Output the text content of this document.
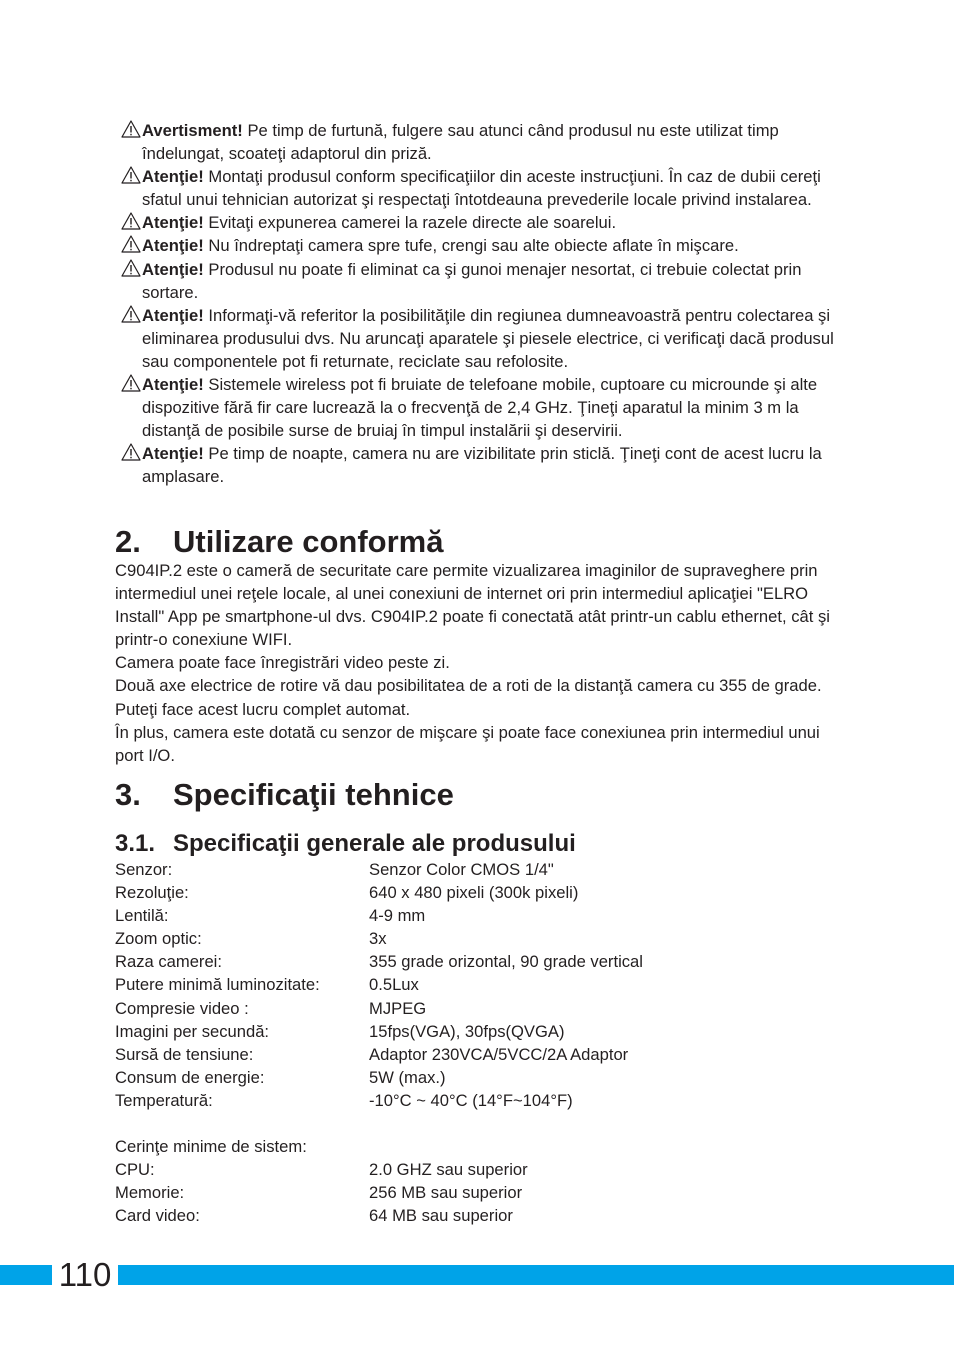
Avertisment! Pe timp de furtună, fulgere sau atunci când produsul nu este utilizat timp îndelungat, scoateţi adaptorul din priză.
Atenţie! Montaţi produsul conform specificaţiilor din aceste instrucţiuni. În caz de dubii cereţi sfatul unui tehnician autorizat şi respectaţi întotdeauna prevederile locale privind instalarea.
Atenţie! Evitaţi expunerea camerei la razele directe ale soarelui.
Atenţie! Nu îndreptaţi camera spre tufe, crengi sau alte obiecte aflate în mişcare.
Atenţie! Produsul nu poate fi eliminat ca şi gunoi menajer nesortat, ci trebuie colectat prin sortare.
Atenţie! Informaţi-vă referitor la posibilităţile din regiunea dumneavoastră pentru colectarea şi eliminarea produsului dvs. Nu aruncaţi aparatele şi piesele electrice, ci verificaţi dacă produsul sau componentele pot fi returnate, reciclate sau refolosite.
Atenţie! Sistemele wireless pot fi bruiate de telefoane mobile, cuptoare cu microunde şi alte dispozitive fără fir care lucrează la o frecvenţă de 2,4 GHz. Ţineţi aparatul la minim 3 m la distanţă de posibile surse de bruiaj în timpul instalării şi deservirii.
Atenţie! Pe timp de noapte, camera nu are vizibilitate prin sticlă. Ţineţi cont de acest lucru la amplasare.
2. Utilizare conformă

C904IP.2 este o cameră de securitate care permite vizualizarea imaginilor de supraveghere prin intermediul unei reţele locale, al unei conexiuni de internet ori prin intermediul aplicaţiei "ELRO Install" App pe smartphone-ul dvs. C904IP.2 poate fi conectată atât printr-un cablu ethernet, cât şi printr-o conexiune WIFI.

Camera poate face înregistrări video peste zi.

Două axe electrice de rotire vă dau posibilitatea de a roti de la distanţă camera cu 355 de grade. Puteţi face acest lucru complet automat.

În plus, camera este dotată cu senzor de mişcare şi poate face conexiunea prin intermediul unui port I/O.

3. Specificaţii tehnice
3.1. Specificaţii generale ale produsului
Senzor:	Senzor Color CMOS 1/4"
Rezoluţie:	640 x 480 pixeli (300k pixeli)
Lentilă:	4-9 mm
Zoom optic:	3x
Raza camerei:	355 grade orizontal, 90 grade vertical
Putere minimă luminozitate:	0.5Lux
Compresie video :	MJPEG
Imagini per secundă:	15fps(VGA), 30fps(QVGA)
Sursă de tensiune:	Adaptor 230VCA/5VCC/2A Adaptor
Consum de energie:	5W (max.)
Temperatură:	-10°C ~ 40°C (14°F~104°F)
Cerinţe minime de sistem:
CPU:	2.0 GHZ sau superior
Memorie:	256 MB sau superior
Card video:	64 MB sau superior
110
